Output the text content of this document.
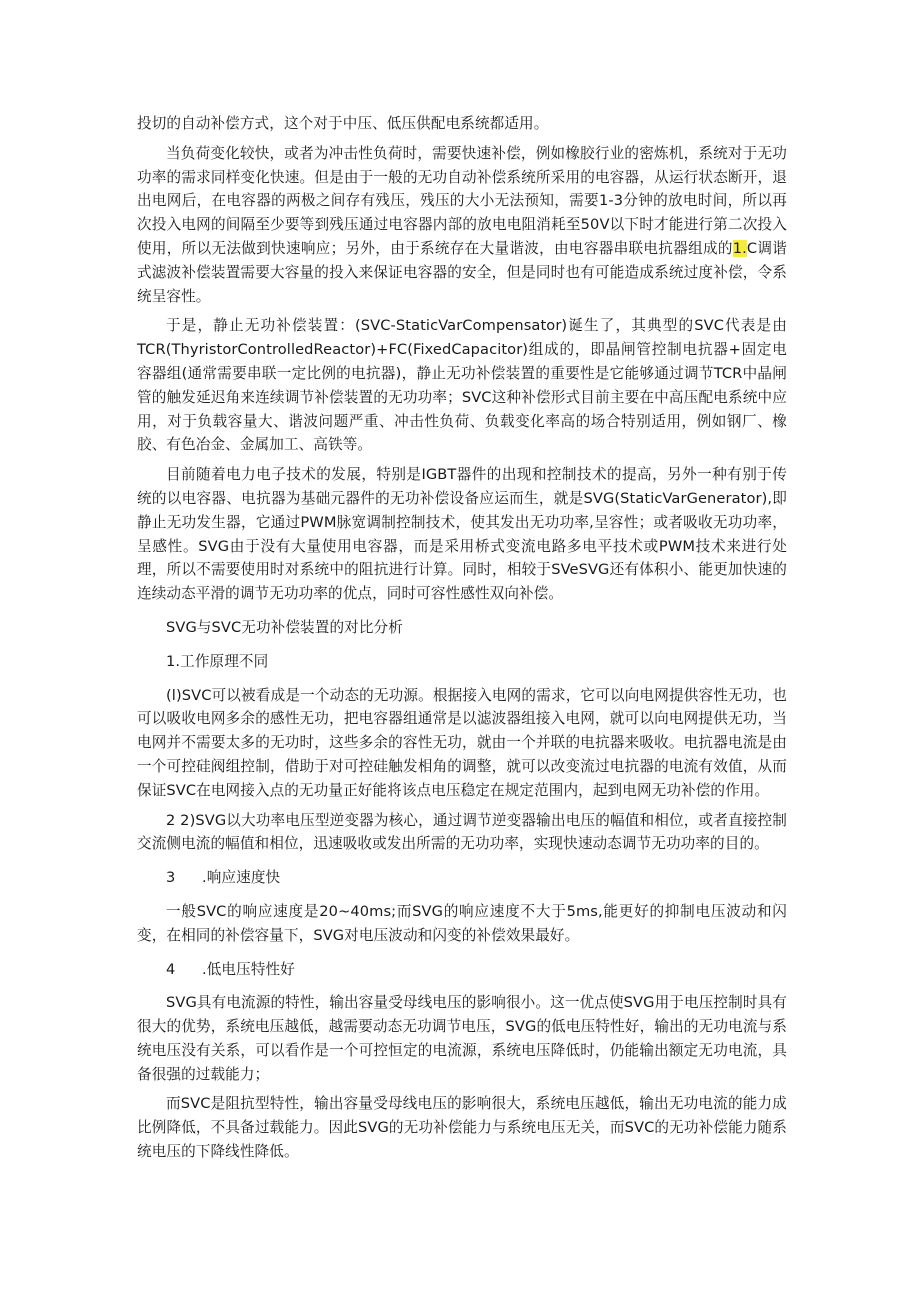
投切的自动补偿方式，这个对于中压、低压供配电系统都适用。

当负荷变化较快，或者为冲击性负荷时，需要快速补偿，例如橡胶行业的密炼机，系统对于无功功率的需求同样变化快速。但是由于一般的无功自动补偿系统所采用的电容器，从运行状态断开，退出电网后，在电容器的两极之间存有残压，残压的大小无法预知，需要1-3分钟的放电时间，所以再次投入电网的间隔至少要等到残压通过电容器内部的放电电阻消耗至50V以下时才能进行第二次投入使用，所以无法做到快速响应；另外，由于系统存在大量谐波，由电容器串联电抗器组成的1.C调谐式滤波补偿装置需要大容量的投入来保证电容器的安全，但是同时也有可能造成系统过度补偿，令系统呈容性。

于是，静止无功补偿装置：(SVC-StaticVarCompensator)诞生了，其典型的SVC代表是由TCR(ThyristorControlledReactor)+FC(FixedCapacitor)组成的，即晶闸管控制电抗器+固定电容器组(通常需要串联一定比例的电抗器)，静止无功补偿装置的重要性是它能够通过调节TCR中晶闸管的触发延迟角来连续调节补偿装置的无功功率；SVC这种补偿形式目前主要在中高压配电系统中应用，对于负载容量大、谐波问题严重、冲击性负荷、负载变化率高的场合特别适用，例如钢厂、橡胶、有色冶金、金属加工、高铁等。

目前随着电力电子技术的发展，特别是IGBT器件的出现和控制技术的提高，另外一种有别于传统的以电容器、电抗器为基础元器件的无功补偿设备应运而生，就是SVG(StaticVarGenerator),即静止无功发生器，它通过PWM脉宽调制控制技术，使其发出无功功率,呈容性；或者吸收无功功率，呈感性。SVG由于没有大量使用电容器，而是采用桥式变流电路多电平技术或PWM技术来进行处理，所以不需要使用时对系统中的阻抗进行计算。同时，相较于SVeSVG还有体积小、能更加快速的连续动态平滑的调节无功功率的优点，同时可容性感性双向补偿。

SVG与SVC无功补偿装置的对比分析

1.工作原理不同

(l)SVC可以被看成是一个动态的无功源。根据接入电网的需求，它可以向电网提供容性无功，也可以吸收电网多余的感性无功，把电容器组通常是以滤波器组接入电网，就可以向电网提供无功，当电网并不需要太多的无功时，这些多余的容性无功，就由一个并联的电抗器来吸收。电抗器电流是由一个可控硅阀组控制，借助于对可控硅触发相角的调整，就可以改变流过电抗器的电流有效值，从而保证SVC在电网接入点的无功量正好能将该点电压稳定在规定范围内，起到电网无功补偿的作用。

2 2)SVG以大功率电压型逆变器为核心，通过调节逆变器输出电压的幅值和相位，或者直接控制交流侧电流的幅值和相位，迅速吸收或发出所需的无功功率，实现快速动态调节无功功率的目的。

3 .响应速度快

一般SVC的响应速度是20~40ms;而SVG的响应速度不大于5ms,能更好的抑制电压波动和闪变，在相同的补偿容量下，SVG对电压波动和闪变的补偿效果最好。

4 .低电压特性好

SVG具有电流源的特性，输出容量受母线电压的影响很小。这一优点使SVG用于电压控制时具有很大的优势，系统电压越低，越需要动态无功调节电压，SVG的低电压特性好，输出的无功电流与系统电压没有关系，可以看作是一个可控恒定的电流源，系统电压降低时，仍能输出额定无功电流，具备很强的过载能力；

而SVC是阻抗型特性，输出容量受母线电压的影响很大，系统电压越低，输出无功电流的能力成比例降低，不具备过载能力。因此SVG的无功补偿能力与系统电压无关，而SVC的无功补偿能力随系统电压的下降线性降低。
